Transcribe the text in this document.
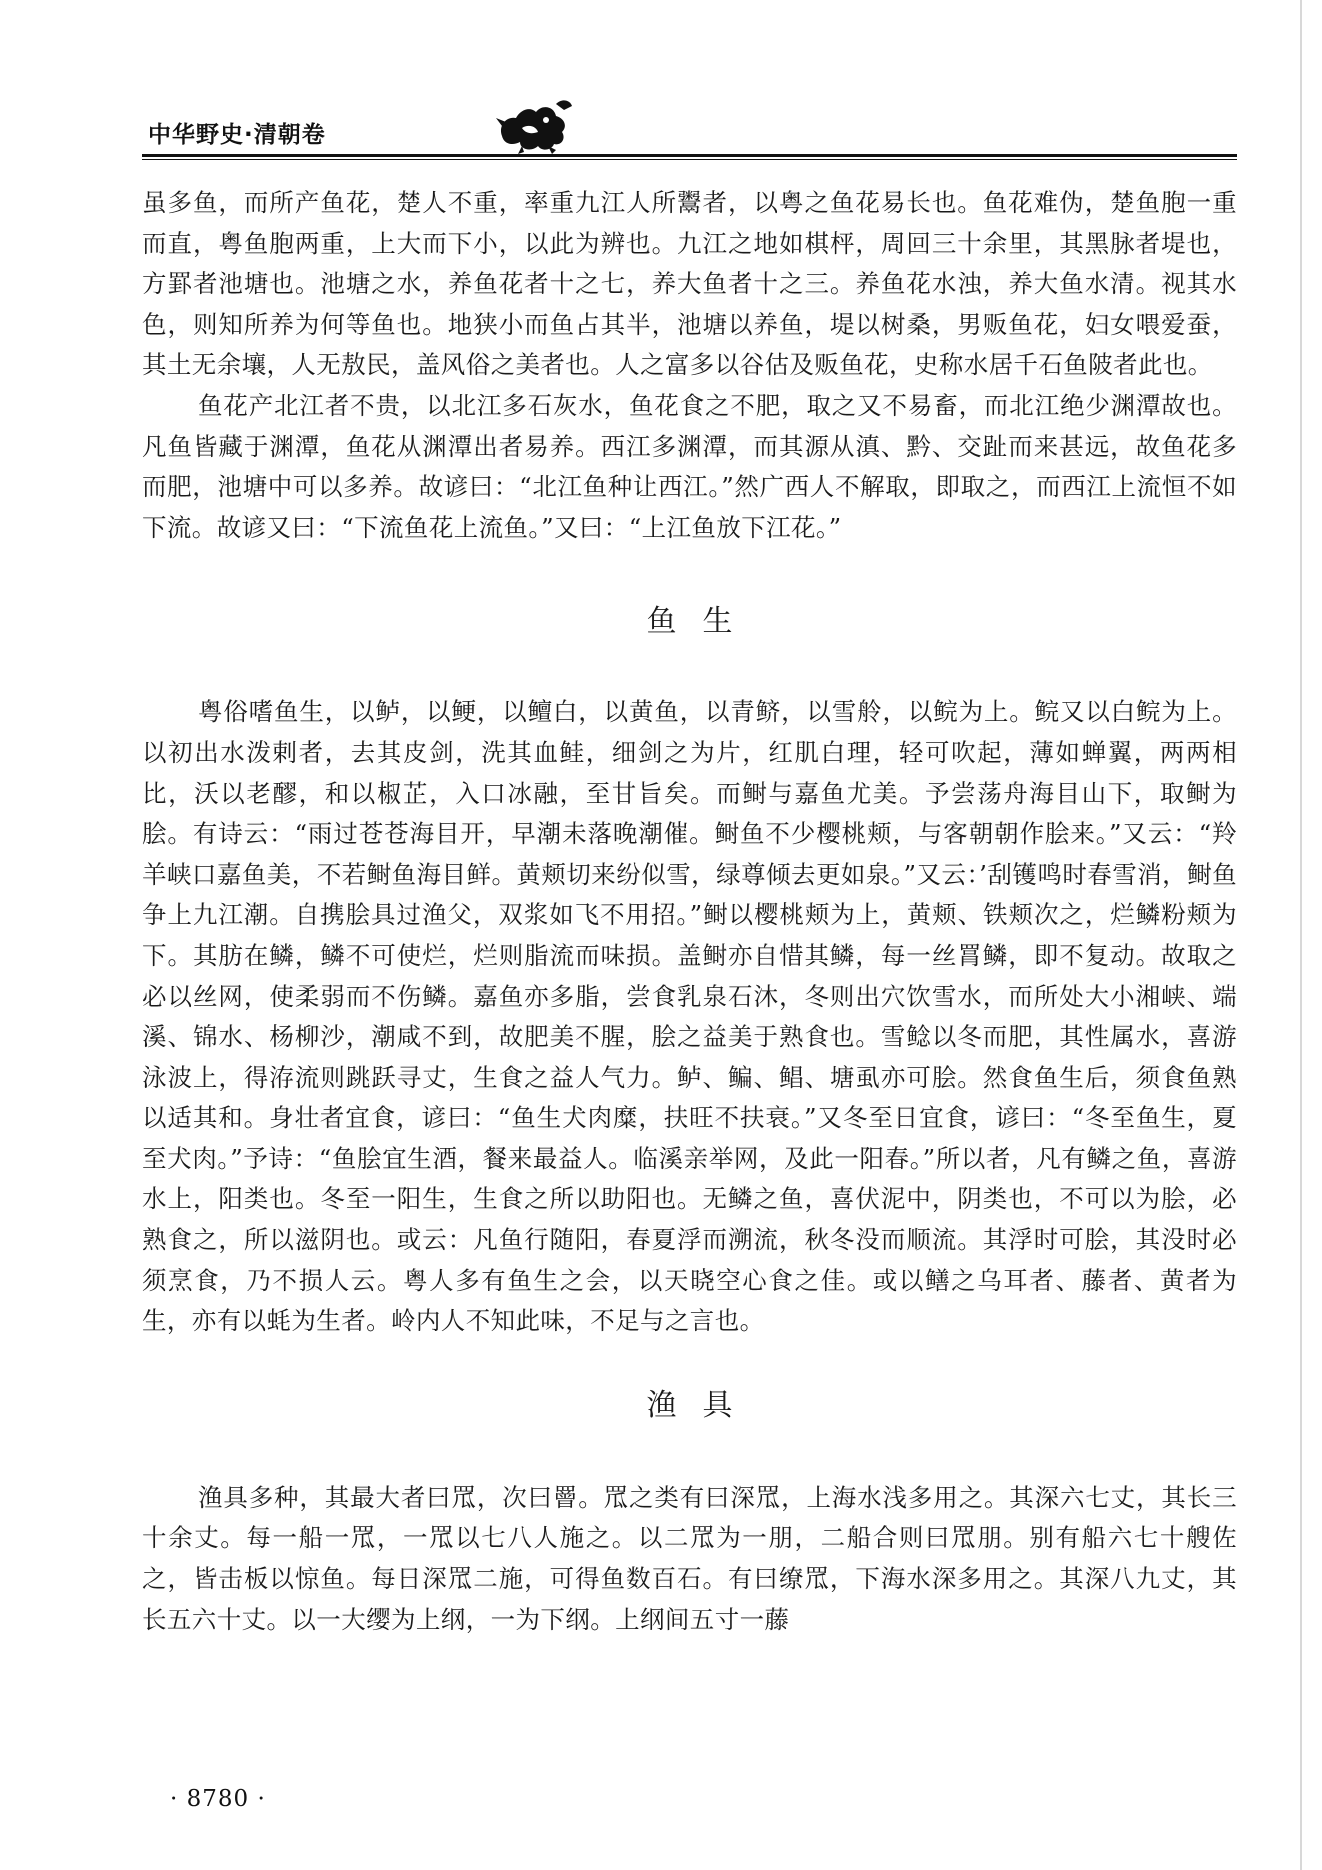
中华野史·清朝卷

虽多鱼，而所产鱼花，楚人不重，率重九江人所鬻者，以粤之鱼花易长也。鱼花难伪，楚鱼胞一重而直，粤鱼胞两重，上大而下小，以此为辨也。九江之地如棋枰，周回三十余里，其黑脉者堤也，方罫者池塘也。池塘之水，养鱼花者十之七，养大鱼者十之三。养鱼花水浊，养大鱼水清。视其水色，则知所养为何等鱼也。地狭小而鱼占其半，池塘以养鱼，堤以树桑，男贩鱼花，妇女喂爱蚕，其土无余壤，人无敖民，盖风俗之美者也。人之富多以谷估及贩鱼花，史称水居千石鱼陂者此也。

鱼花产北江者不贵，以北江多石灰水，鱼花食之不肥，取之又不易畜，而北江绝少渊潭故也。凡鱼皆藏于渊潭，鱼花从渊潭出者易养。西江多渊潭，而其源从滇、黔、交趾而来甚远，故鱼花多而肥，池塘中可以多养。故谚曰：“北江鱼种让西江。”然广西人不解取，即取之，而西江上流恒不如下流。故谚又曰：“下流鱼花上流鱼。”又曰：“上江鱼放下江花。”

鱼生

粤俗嗜鱼生，以鲈，以鲠，以鳣白，以黄鱼，以青鲚，以雪舲，以鲩为上。鲩又以白鲩为上。以初出水泼剌者，去其皮剑，洗其血鲑，细剑之为片，红肌白理，轻可吹起，薄如蝉翼，两两相比，沃以老醪，和以椒芷，入口冰融，至甘旨矣。而鲥与嘉鱼尤美。予尝荡舟海目山下，取鲥为脍。有诗云：“雨过苍苍海目开，早潮未落晚潮催。鲥鱼不少樱桃颊，与客朝朝作脍来。”又云：“羚羊峡口嘉鱼美，不若鲥鱼海目鲜。黄颊切来纷似雪，绿尊倾去更如泉。”又云：’刮镬鸣时春雪消，鲥鱼争上九江潮。自携脍具过渔父，双浆如飞不用招。”鲥以樱桃颊为上，黄颊、铁颊次之，烂鳞粉颊为下。其肪在鳞，鳞不可使烂，烂则脂流而味损。盖鲥亦自惜其鳞，每一丝罥鳞，即不复动。故取之必以丝网，使柔弱而不伤鳞。嘉鱼亦多脂，尝食乳泉石沐，冬则出穴饮雪水，而所处大小湘峡、端溪、锦水、杨柳沙，潮咸不到，故肥美不腥，脍之益美于熟食也。雪鲶以冬而肥，其性属水，喜游泳波上，得洊流则跳跃寻丈，生食之益人气力。鲈、鳊、鲳、塘虱亦可脍。然食鱼生后，须食鱼熟以适其和。身壮者宜食，谚曰：“鱼生犬肉糜，扶旺不扶衰。”又冬至日宜食，谚曰：“冬至鱼生，夏至犬肉。”予诗：“鱼脍宜生酒，餐来最益人。临溪亲举网，及此一阳春。”所以者，凡有鳞之鱼，喜游水上，阳类也。冬至一阳生，生食之所以助阳也。无鳞之鱼，喜伏泥中，阴类也，不可以为脍，必熟食之，所以滋阴也。或云：凡鱼行随阳，春夏浮而溯流，秋冬没而顺流。其浮时可脍，其没时必须烹食，乃不损人云。粤人多有鱼生之会，以天晓空心食之佳。或以鳝之乌耳者、藤者、黄者为生，亦有以蚝为生者。岭内人不知此味，不足与之言也。

渔具

渔具多种，其最大者曰罛，次曰罾。罛之类有曰深罛，上海水浅多用之。其深六七丈，其长三十余丈。每一船一罛，一罛以七八人施之。以二罛为一朋，二船合则曰罛朋。别有船六七十艘佐之，皆击板以惊鱼。每日深罛二施，可得鱼数百石。有曰缭罛，下海水深多用之。其深八九丈，其长五六十丈。以一大缨为上纲，一为下纲。上纲间五寸一藤

· 8780 ·
